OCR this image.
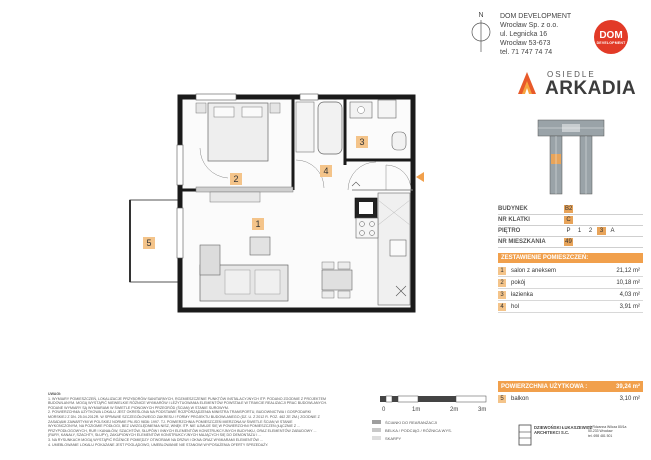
1
2
3
4
5
N DOM DEVELOPMENT
Wrocław Sp. z o.o.
ul. Legnicka 16
Wrocław 53-673
tel. 71 747 74 74
DOM
DEVELOPMENT
OSIEDLE
ARKADIA
BUDYNEK	B2
NR KLATKI	C
PIĘTRO	P	1	2	3	A
NR MIESZKANIA	49
ZESTAWIENIE POMIESZCZEŃ:
1	salon z aneksem	21,12 m²
2	pokój	10,18 m²
3	łazienka	4,03 m²
4	hol	3,91 m²
POWIERZCHNIA UŻYTKOWA :	39,24 m²
5	balkon	3,10 m²
UWAGI:
1. WYMIARY POMIESZCZEŃ, LOKALIZACJE PRZYBORÓW SANITARNYCH, ROZMIESZCZENIE PUNKTÓW INSTALACYJNYCH ITP. PODANO ZGODNIE Z PROJEKTEM
BUDOWLANYM. MOGĄ WYSTĄPIĆ NIEWIELKIE RÓŻNICE WYMIARÓW I LEŻYTUOWANIA ELEMENTÓW POWSTAŁE W TRAKCIE REALIZACJI PRAC BUDOWLANYCH.
PODANE WYMIARY SĄ WYMIARAMI W ŚWIETLE PIONOWYCH PRZEGRÓD (ŚCIAN) W STANIE SUROWYM.
2. POWIERZCHNIA UŻYTKOWA LOKALU JEST OKREŚLONA NA PODSTAWIE ROZPORZĄDZENIA MINISTRA TRANSPORTU, BUDOWNICTWA I GOSPODARKI
MORSKIEJ Z DN. 25.04.2012R. W SPRAWIE SZCZEGÓŁOWEGO ZAKRESU I FORMY PROJEKTU BUDOWLANEGO (DZ. U. Z 2012 R. POZ. 462 ZE ZM.) ZGODNIE Z
ZASADAMI ZAWARTYMI W POLSKIEJ NORMIE PN-ISO 9836: 1997. TJ. POWIERZCHNIA POMIESZCZEŃ MIERZONA W ŚWIETLE ŚCIAN W STANIE
WYKOŃCZONYM, NA POZIOMIE PODŁOGI, BEZ UWZGLĘDNIENIA NISZ, WNĘK ITP. NIE UJMUJE SIĘ W POWIERZCHNI POMIESZCZEŃ (ŁĄCZNIE Z ...
PRZYPODŁOGOWYCH, RUR I KANAŁÓW, SZACHTÓW, SŁUPÓW I INNYCH ELEMENTÓW KONSTRUKCYJNYCH BUDYNKU, ORAZ ELEMENTÓW ZABUDOWY ...
(RURY, KANAŁY, SZACHTY, SŁUPY), ZAKUPIONYCH ELEMENTÓW KONSTRUKCYJNYCH MAJĄCYCH SIĘ DO DEMONTAŻU I ...
3. NA RYSUNKACH MOGĄ WYSTĄPIĆ RÓŻNICE POMIĘDZY OTWORAMI NA DRZWI I OKNA ORAZ WYMIARAMI ELEMENTÓW ...
4. UMEBLOWANIE LOKALU POKAZANE JEST POGLĄDOWO, UMEBLOWANIE NIE STANOWI WYPOSAŻENIA OFERTY SPRZEDAŻY.
0	1m	2m	3m
ŚCIANKI DO REARANŻACJI
BELKA / PODCIĄG / RÓŻNICA WYS.
SKARPY
DZIEWOŃSKI ŁUKASZEWICZ
ARCHITEKCI S.C.
ul. Rdzanna Wilcza 80/1a
50-233 Wrocław
tel. 698 481 501
